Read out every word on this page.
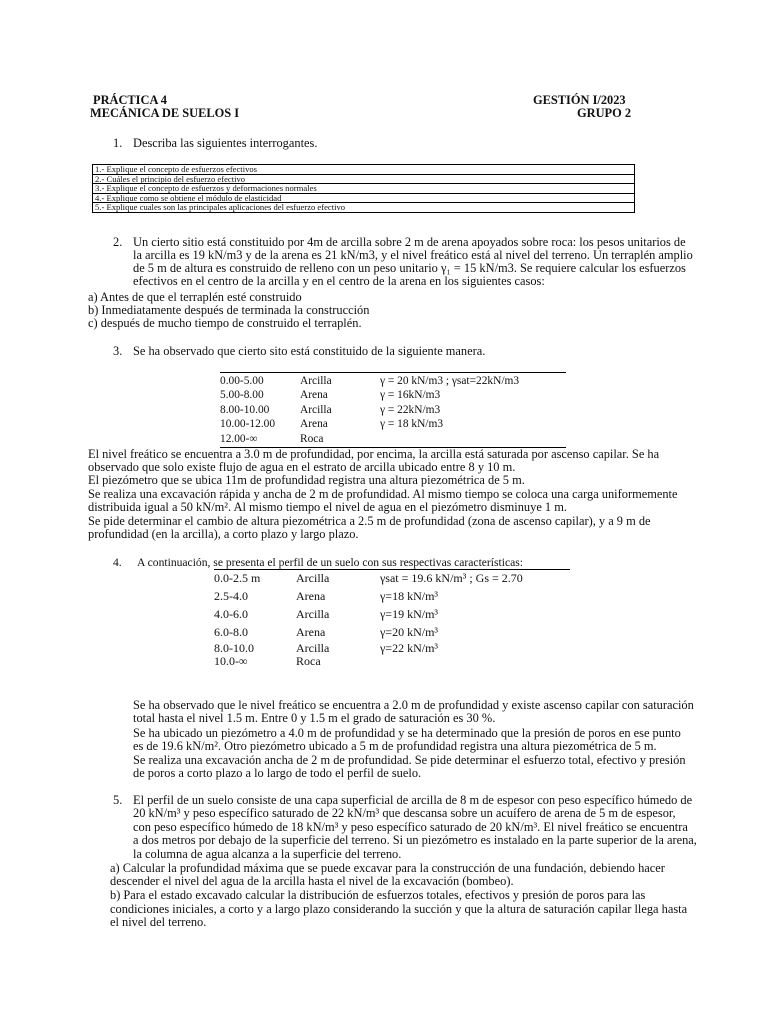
PRÁCTICA 4
MECÁNICA DE SUELOS I
GESTIÓN I/2023
GRUPO 2
1. Describa las siguientes interrogantes.
1.- Explique el concepto de esfuerzos efectivos
2.- Cuáles el principio del esfuerzo efectivo
3.- Explique el concepto de esfuerzos y deformaciones normales
4.- Explique como se obtiene el módulo de elasticidad
5.- Explique cuales son las principales aplicaciones del esfuerzo efectivo
2. Un cierto sitio está constituido por 4m de arcilla sobre 2 m de arena apoyados sobre roca: los pesos unitarios de
la arcilla es 19 kN/m3 y de la arena es 21 kN/m3, y el nivel freático está al nivel del terreno. Un terraplén amplio
de 5 m de altura es construido de relleno con un peso unitario γ₁ = 15 kN/m3. Se requiere calcular los esfuerzos
efectivos en el centro de la arcilla y en el centro de la arena en los siguientes casos:
a) Antes de que el terraplén esté construido
b) Inmediatamente después de terminada la construcción
c) después de mucho tiempo de construido el terraplén.
3. Se ha observado que cierto sito está constituido de la siguiente manera.
0.00-5.00	Arcilla	γ = 20 kN/m3 ; γsat=22kN/m3
5.00-8.00	Arena	γ = 16kN/m3
8.00-10.00	Arcilla	γ = 22kN/m3
10.00-12.00	Arena	γ = 18 kN/m3
12.00-∞	Roca	
El nivel freático se encuentra a 3.0 m de profundidad, por encima, la arcilla está saturada por ascenso capilar. Se ha
observado que solo existe flujo de agua en el estrato de arcilla ubicado entre 8 y 10 m.
El piezómetro que se ubica 11m de profundidad registra una altura piezométrica de 5 m.
Se realiza una excavación rápida y ancha de 2 m de profundidad. Al mismo tiempo se coloca una carga uniformemente
distribuida igual a 50 kN/m². Al mismo tiempo el nivel de agua en el piezómetro disminuye 1 m.
Se pide determinar el cambio de altura piezométrica a 2.5 m de profundidad (zona de ascenso capilar), y a 9 m de
profundidad (en la arcilla), a corto plazo y largo plazo.
4. A continuación, se presenta el perfil de un suelo con sus respectivas características:
0.0-2.5 m	Arcilla	γsat = 19.6 kN/m³ ; Gs = 2.70
2.5-4.0	Arena	γ=18 kN/m³
4.0-6.0	Arcilla	γ=19 kN/m³
6.0-8.0	Arena	γ=20 kN/m³
8.0-10.0	Arcilla	γ=22 kN/m³
10.0-∞	Roca	
Se ha observado que le nivel freático se encuentra a 2.0 m de profundidad y existe ascenso capilar con saturación
total hasta el nivel 1.5 m. Entre 0 y 1.5 m el grado de saturación es 30 %.
Se ha ubicado un piezómetro a 4.0 m de profundidad y se ha determinado que la presión de poros en ese punto
es de 19.6 kN/m². Otro piezómetro ubicado a 5 m de profundidad registra una altura piezométrica de 5 m.
Se realiza una excavación ancha de 2 m de profundidad. Se pide determinar el esfuerzo total, efectivo y presión
de poros a corto plazo a lo largo de todo el perfil de suelo.
5. El perfil de un suelo consiste de una capa superficial de arcilla de 8 m de espesor con peso específico húmedo de
20 kN/m³ y peso específico saturado de 22 kN/m³ que descansa sobre un acuífero de arena de 5 m de espesor,
con peso específico húmedo de 18 kN/m³ y peso específico saturado de 20 kN/m³. El nivel freático se encuentra
a dos metros por debajo de la superficie del terreno. Si un piezómetro es instalado en la parte superior de la arena,
la columna de agua alcanza a la superficie del terreno.
a) Calcular la profundidad máxima que se puede excavar para la construcción de una fundación, debiendo hacer
descender el nivel del agua de la arcilla hasta el nivel de la excavación (bombeo).
b) Para el estado excavado calcular la distribución de esfuerzos totales, efectivos y presión de poros para las
condiciones iniciales, a corto y a largo plazo considerando la succión y que la altura de saturación capilar llega hasta
el nivel del terreno.
